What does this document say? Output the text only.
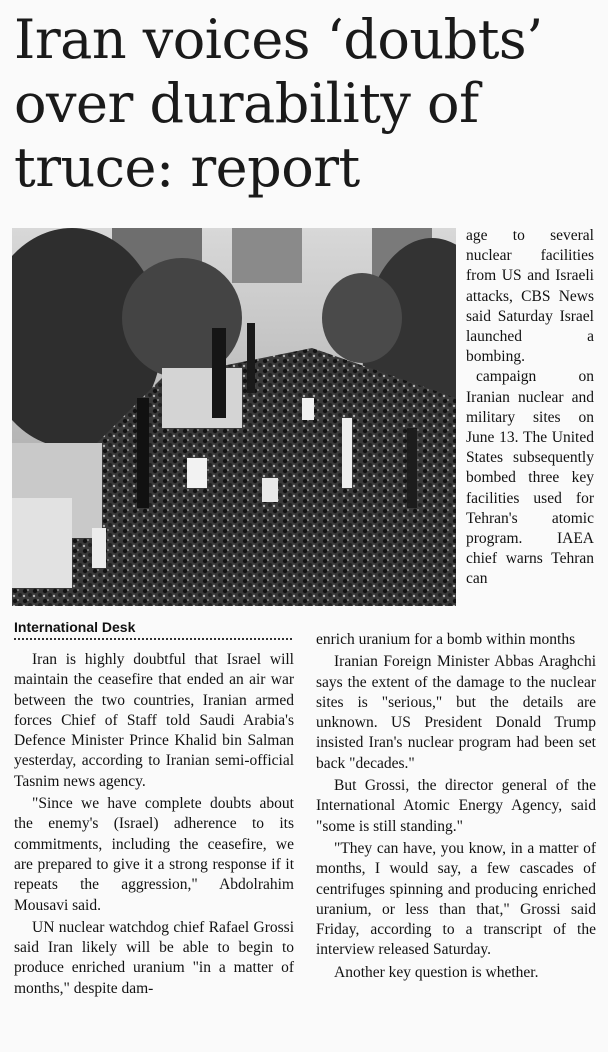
Iran voices ‘doubts’ over durability of truce: report

age to several nuclear facilities from US and Israeli attacks, CBS News said Saturday Israel launched a bombing.

campaign on Iranian nuclear and military sites on June 13. The United States subsequently bombed three key facilities used for Tehran's atomic program. IAEA chief warns Tehran can

International Desk

Iran is highly doubtful that Israel will maintain the ceasefire that ended an air war between the two countries, Iranian armed forces Chief of Staff told Saudi Arabia's Defence Minister Prince Khalid bin Salman yesterday, according to Iranian semi-official Tasnim news agency.

"Since we have complete doubts about the enemy's (Israel) adherence to its commitments, including the ceasefire, we are prepared to give it a strong response if it repeats the aggression," Abdolrahim Mousavi said.

UN nuclear watchdog chief Rafael Grossi said Iran likely will be able to begin to produce enriched uranium "in a matter of months," despite dam-

enrich uranium for a bomb within months

Iranian Foreign Minister Abbas Araghchi says the extent of the damage to the nuclear sites is "serious," but the details are unknown. US President Donald Trump insisted Iran's nuclear program had been set back "decades."

But Grossi, the director general of the International Atomic Energy Agency, said "some is still standing."

"They can have, you know, in a matter of months, I would say, a few cascades of centrifuges spinning and producing enriched uranium, or less than that," Grossi said Friday, according to a transcript of the interview released Saturday.

Another key question is whether.
